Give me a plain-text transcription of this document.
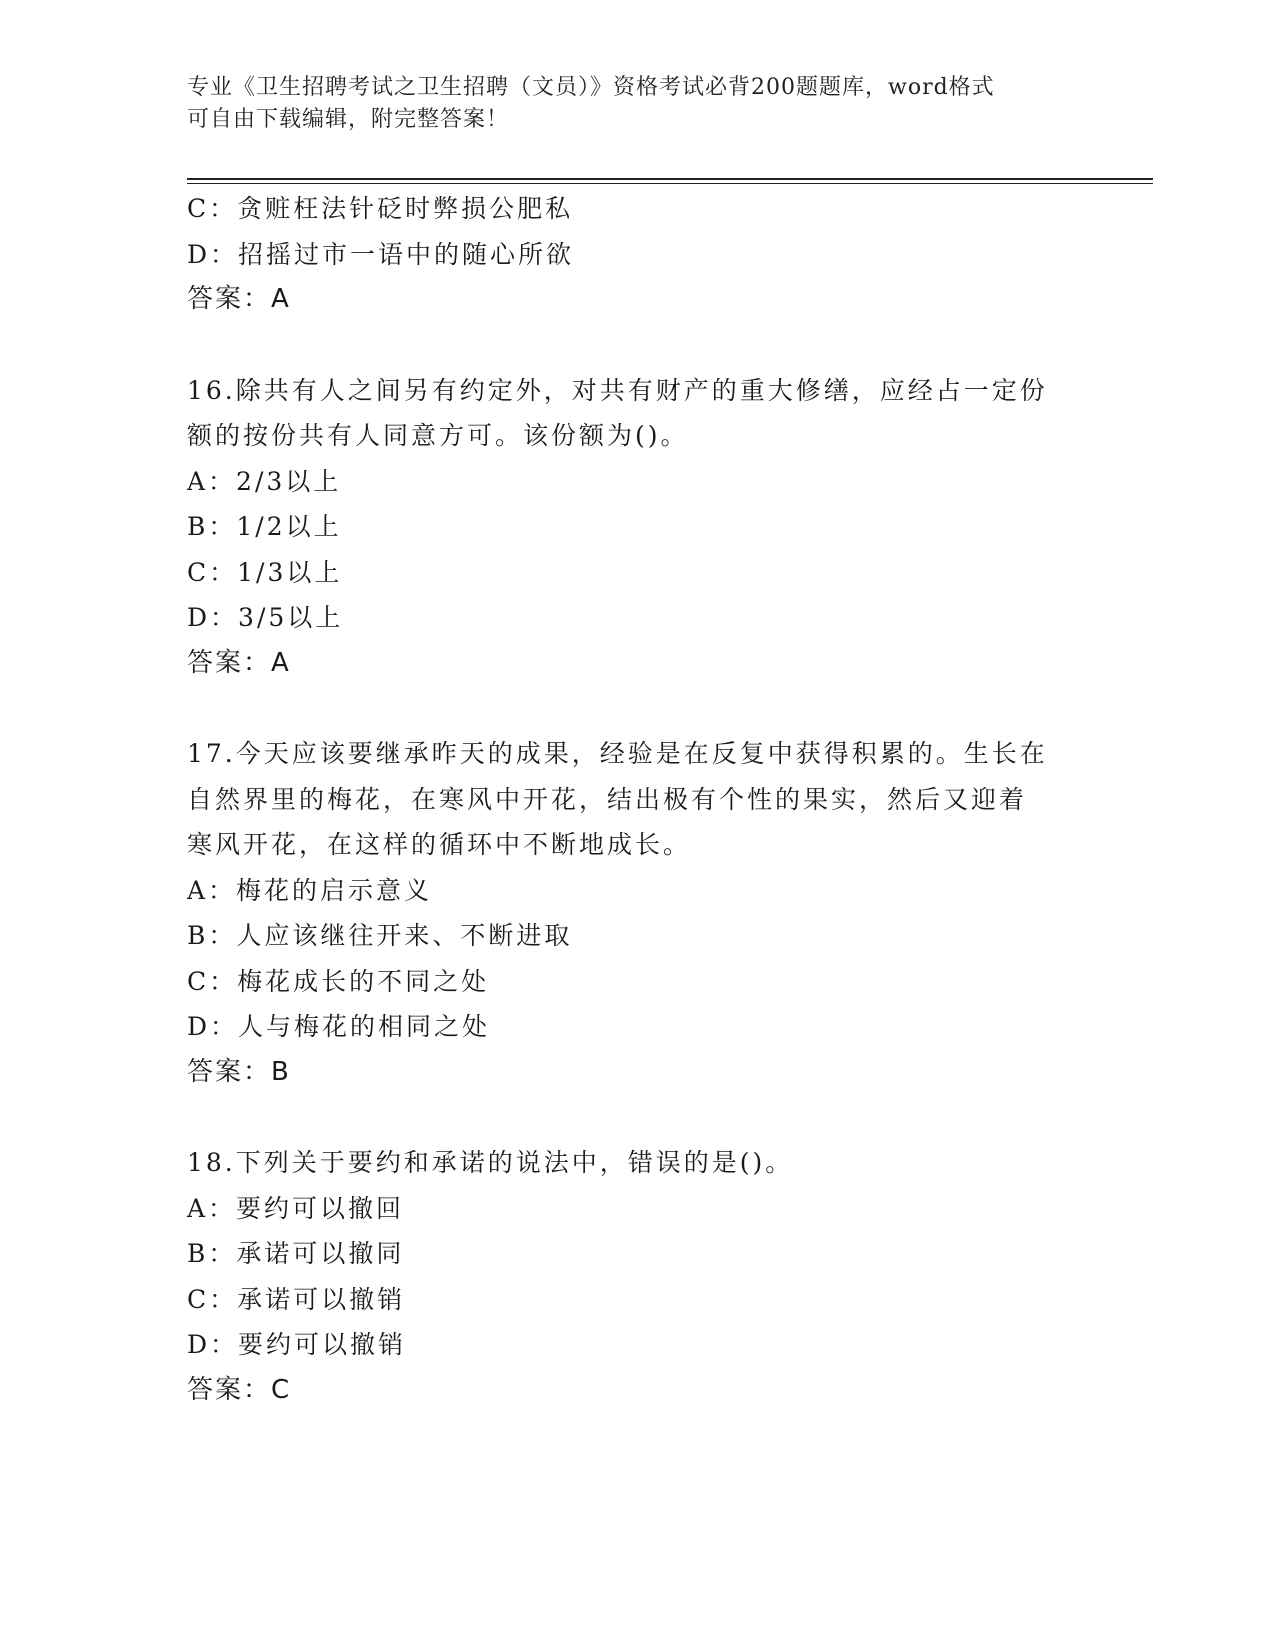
专业《卫生招聘考试之卫生招聘（文员）》资格考试必背200题题库，word格式
可自由下载编辑，附完整答案！
C：贪赃枉法针砭时弊损公肥私
D：招摇过市一语中的随心所欲
答案：A
16.除共有人之间另有约定外，对共有财产的重大修缮，应经占一定份
额的按份共有人同意方可。该份额为()。
A：2/3以上
B：1/2以上
C：1/3以上
D：3/5以上
答案：A
17.今天应该要继承昨天的成果，经验是在反复中获得积累的。生长在
自然界里的梅花，在寒风中开花，结出极有个性的果实，然后又迎着
寒风开花，在这样的循环中不断地成长。
A：梅花的启示意义
B：人应该继往开来、不断进取
C：梅花成长的不同之处
D：人与梅花的相同之处
答案：B
18.下列关于要约和承诺的说法中，错误的是()。
A：要约可以撤回
B：承诺可以撤同
C：承诺可以撤销
D：要约可以撤销
答案：C
